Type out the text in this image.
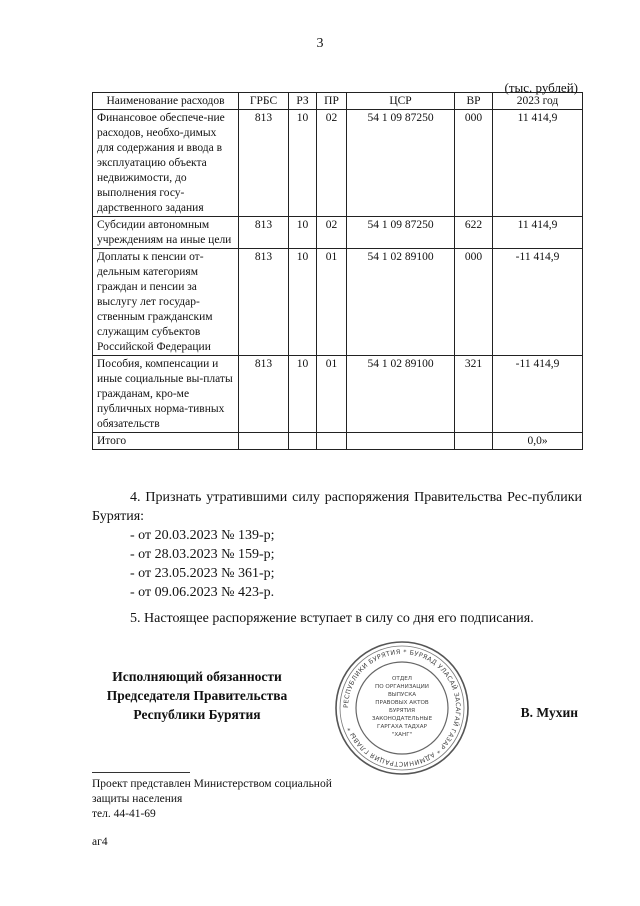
3
(тыс. рублей)
Наименование расходов	ГРБС	РЗ	ПР	ЦСР	ВР	2023 год
Финансовое обеспече-ние расходов, необхо-димых для содержания и ввода в эксплуатацию объекта недвижимости, до выполнения госу-дарственного задания	813	10	02	54 1 09 87250	000	11 414,9
Субсидии автономным учреждениям на иные цели	813	10	02	54 1 09 87250	622	11 414,9
Доплаты к пенсии от-дельным категориям граждан и пенсии за выслугу лет государ-ственным гражданским служащим субъектов Российской Федерации	813	10	01	54 1 02 89100	000	-11 414,9
Пособия, компенсации и иные социальные вы-платы гражданам, кро-ме публичных норма-тивных обязательств	813	10	01	54 1 02 89100	321	-11 414,9
Итого						0,0»
4. Признать утратившими силу распоряжения Правительства Рес-публики Бурятия:
- от 20.03.2023 № 139-р;
- от 28.03.2023 № 159-р;
- от 23.05.2023 № 361-р;
- от 09.06.2023 № 423-р.
5. Настоящее распоряжение вступает в силу со дня его подписания.
Исполняющий обязанности
Председателя Правительства
Республики Бурятия
РЕСПУБЛИКИ БУРЯТИЯ * БУРЯАД УЛАСАЙ ЗАСАГАЙ ГАЗАР * АДМИНИСТРАЦИЯ ГЛАВЫ *
ОТДЕЛ
ПО ОРГАНИЗАЦИИ
ВЫПУСКА
ПРАВОВЫХ АКТОВ
БУРЯТИЯ
ЗАКОНОДАТЕЛЬНЫЕ
ГАРГАХА ТАДХАР
"ХАНГ"
В. Мухин
Проект представлен Министерством социальной
защиты населения
тел. 44-41-69
аг4
